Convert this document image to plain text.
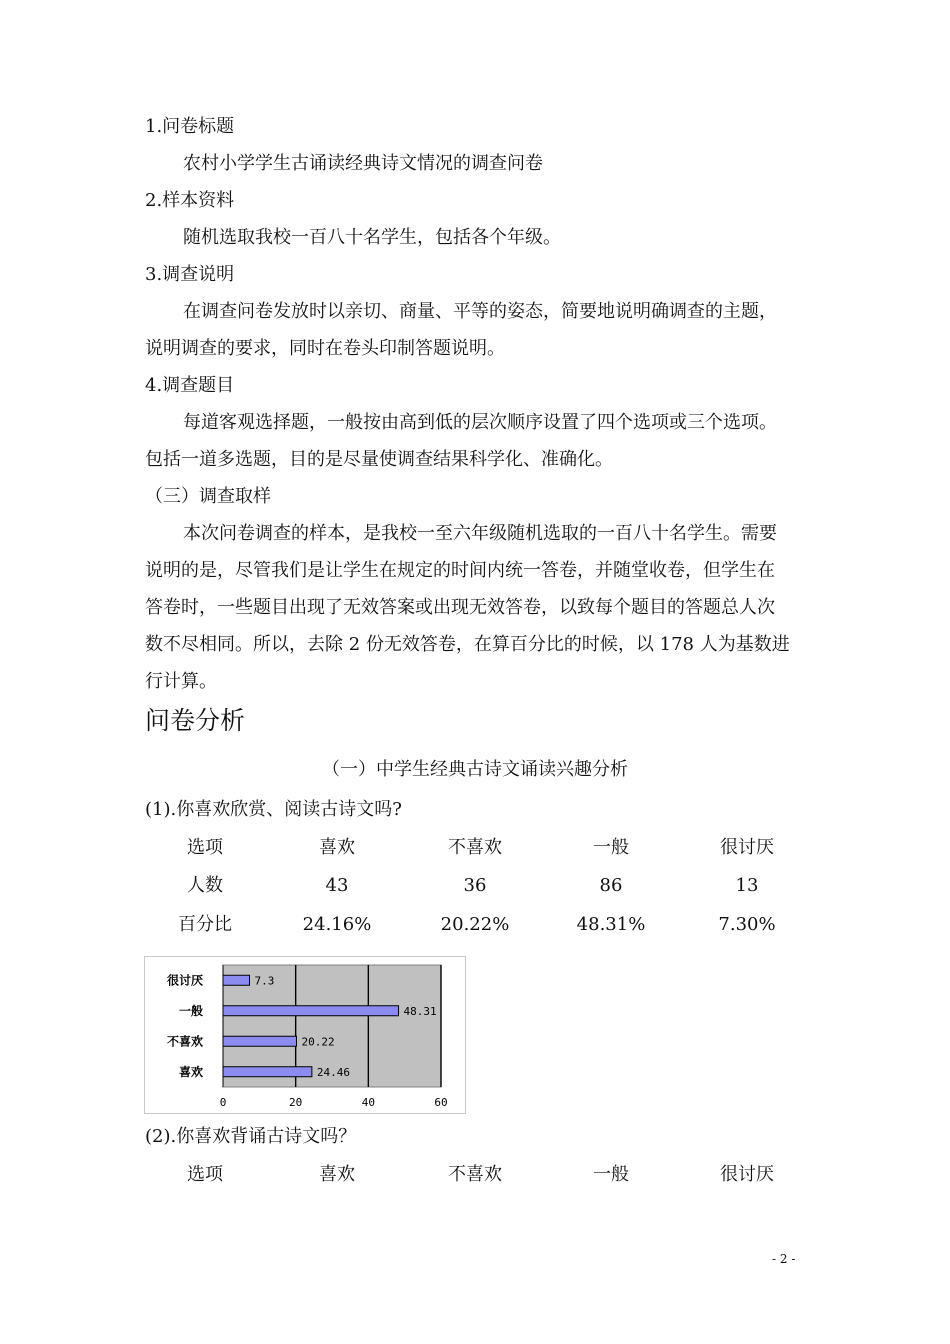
1.问卷标题
农村小学学生古诵读经典诗文情况的调查问卷
2.样本资料
随机选取我校一百八十名学生，包括各个年级。
3.调查说明
在调查问卷发放时以亲切、商量、平等的姿态，简要地说明确调查的主题，
说明调查的要求，同时在卷头印制答题说明。
4.调查题目
每道客观选择题，一般按由高到低的层次顺序设置了四个选项或三个选项。
包括一道多选题，目的是尽量使调查结果科学化、准确化。
（三）调查取样
本次问卷调查的样本，是我校一至六年级随机选取的一百八十名学生。需要
说明的是，尽管我们是让学生在规定的时间内统一答卷，并随堂收卷，但学生在
答卷时，一些题目出现了无效答案或出现无效答卷，以致每个题目的答题总人次
数不尽相同。所以，去除 2 份无效答卷，在算百分比的时候，以 178 人为基数进
行计算。
问卷分析
（一）中学生经典古诗文诵读兴趣分析
(1).你喜欢欣赏、阅读古诗文吗?
选项	喜欢	不喜欢	一般	很讨厌
人数	43	36	86	13
百分比	24.16%	20.22%	48.31%	7.30%
7.3
很讨厌
48.31
一般
20.22
不喜欢
24.46
喜欢
0	20	40	60
(2).你喜欢背诵古诗文吗？
选项	喜欢	不喜欢	一般	很讨厌
- 2 -
